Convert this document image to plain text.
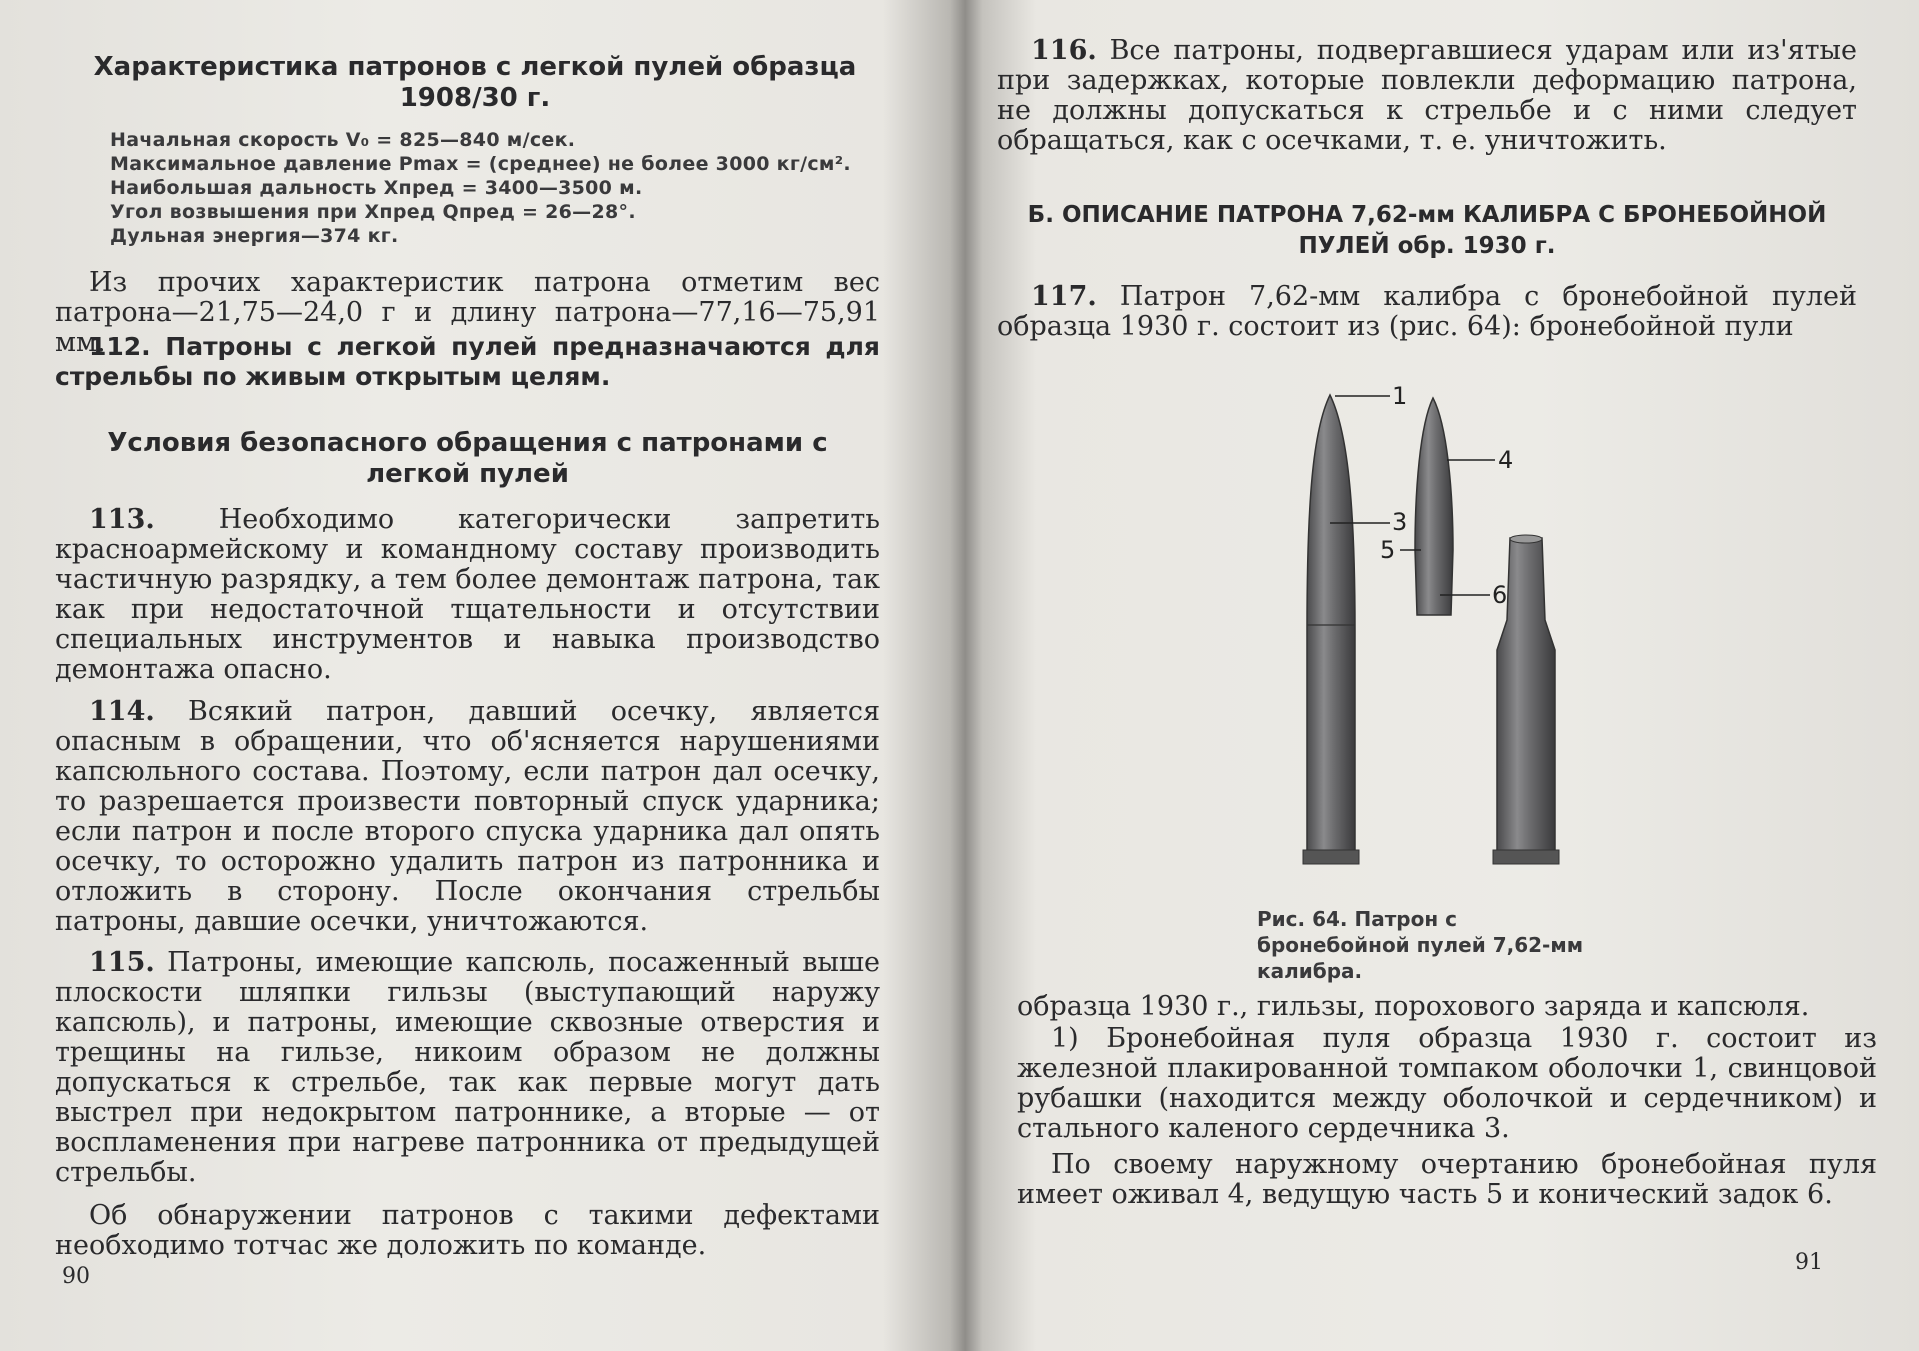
Характеристика патронов с легкой пулей образца 1908/30 г.
Начальная скорость V₀ = 825—840 м/сек.
Максимальное давление Pmax = (среднее) не более 3000 кг/см².
Наибольшая дальность Xпред = 3400—3500 м.
Угол возвышения при Xпред Qпред = 26—28°.
Дульная энергия—374 кг.

Из прочих характеристик патрона отметим вес патрона—21,75—24,0 г и длину патрона—77,16—75,91 мм.

112. Патроны с легкой пулей предназначаются для стрельбы по живым открытым целям.

Условия безопасного обращения с патронами с легкой пулей

113. Необходимо категорически запретить красноармейскому и командному составу производить частичную разрядку, а тем более демонтаж патрона, так как при недостаточной тщательности и отсутствии специальных инструментов и навыка производство демонтажа опасно.

114. Всякий патрон, давший осечку, является опасным в обращении, что об'ясняется нарушениями капсюльного состава. Поэтому, если патрон дал осечку, то разрешается произвести повторный спуск ударника; если патрон и после второго спуска ударника дал опять осечку, то осторожно удалить патрон из патронника и отложить в сторону. После окончания стрельбы патроны, давшие осечки, уничтожаются.

115. Патроны, имеющие капсюль, посаженный выше плоскости шляпки гильзы (выступающий наружу капсюль), и патроны, имеющие сквозные отверстия и трещины на гильзе, никоим образом не должны допускаться к стрельбе, так как первые могут дать выстрел при недокрытом патроннике, а вторые — от воспламенения при нагреве патронника от предыдущей стрельбы.

Об обнаружении патронов с такими дефектами необходимо тотчас же доложить по команде.

90

116. Все патроны, подвергавшиеся ударам или из'ятые при задержках, которые повлекли деформацию патрона, не должны допускаться к стрельбе и с ними следует обращаться, как с осечками, т. е. уничтожить.

Б. ОПИСАНИЕ ПАТРОНА 7,62-мм КАЛИБРА С БРОНЕБОЙНОЙ ПУЛЕЙ обр. 1930 г.

117. Патрон 7,62-мм калибра с бронебойной пулей образца 1930 г. состоит из (рис. 64): бронебойной пули

1
3
4
5
6
Рис. 64. Патрон с бронебойной пулей 7,62-мм калибра.
образца 1930 г., гильзы, порохового заряда и капсюля.

1) Бронебойная пуля образца 1930 г. состоит из железной плакированной томпаком оболочки 1, свинцовой рубашки (находится между оболочкой и сердечником) и стального каленого сердечника 3.

По своему наружному очертанию бронебойная пуля имеет оживал 4, ведущую часть 5 и конический задок 6.

91
